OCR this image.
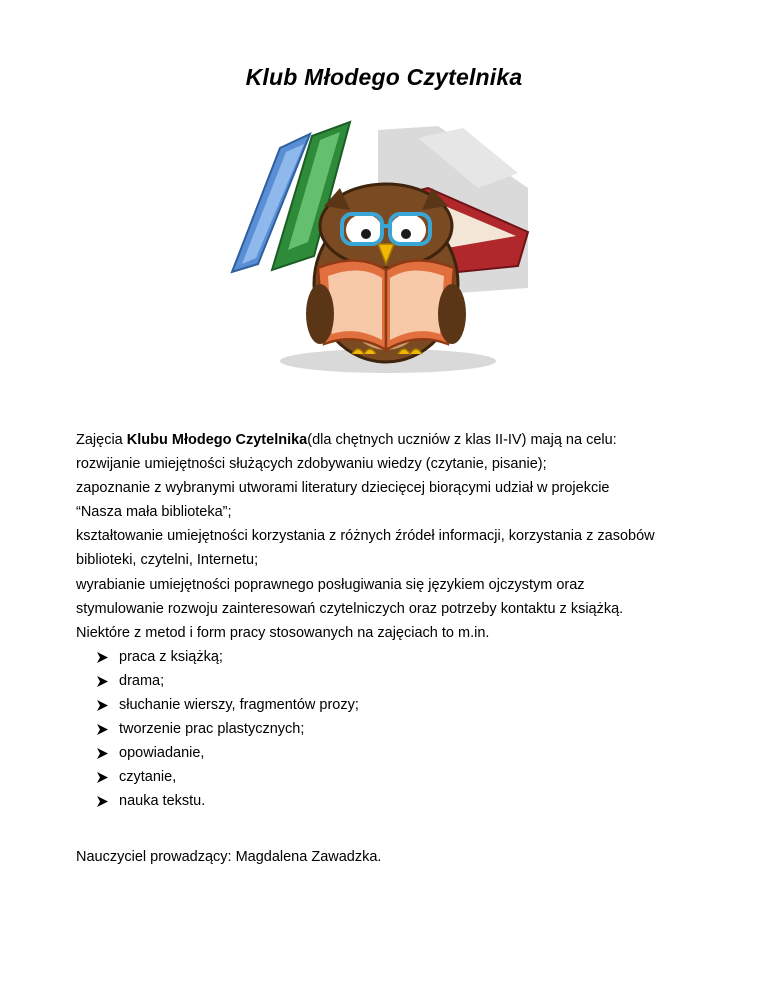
Klub Młodego Czytelnika

Zajęcia Klubu Młodego Czytelnika(dla chętnych uczniów z klas II-IV) mają na celu:

rozwijanie umiejętności służących zdobywaniu wiedzy (czytanie, pisanie);

zapoznanie z wybranymi utworami literatury dziecięcej biorącymi udział w projekcie

“Nasza mała biblioteka”;

kształtowanie umiejętności korzystania z różnych źródeł informacji, korzystania z zasobów

biblioteki, czytelni, Internetu;

wyrabianie umiejętności poprawnego posługiwania się językiem ojczystym oraz

stymulowanie rozwoju zainteresowań czytelniczych oraz potrzeby kontaktu z książką.

Niektóre z metod i form pracy stosowanych na zajęciach to m.in.

praca z książką;
drama;
słuchanie wierszy, fragmentów prozy;
tworzenie prac plastycznych;
opowiadanie,
czytanie,
nauka tekstu.
Nauczyciel prowadzący: Magdalena Zawadzka.
